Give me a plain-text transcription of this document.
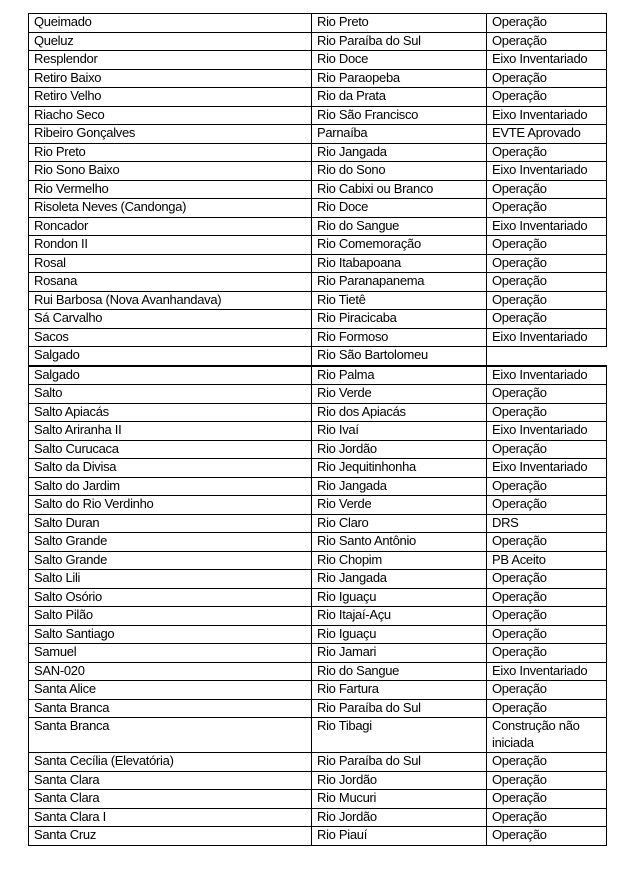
Queimado	Rio Preto	Operação
Queluz	Rio Paraíba do Sul	Operação
Resplendor	Rio Doce	Eixo Inventariado
Retiro Baixo	Rio Paraopeba	Operação
Retiro Velho	Rio da Prata	Operação
Riacho Seco	Rio São Francisco	Eixo Inventariado
Ribeiro Gonçalves	Parnaíba	EVTE Aprovado
Rio Preto	Rio Jangada	Operação
Rio Sono Baixo	Rio do Sono	Eixo Inventariado
Rio Vermelho	Rio Cabixi ou Branco	Operação
Risoleta Neves (Candonga)	Rio Doce	Operação
Roncador	Rio do Sangue	Eixo Inventariado
Rondon II	Rio Comemoração	Operação
Rosal	Rio Itabapoana	Operação
Rosana	Rio Paranapanema	Operação
Rui Barbosa (Nova Avanhandava)	Rio Tietê	Operação
Sá Carvalho	Rio Piracicaba	Operação
Sacos	Rio Formoso	Eixo Inventariado
Salgado	Rio São Bartolomeu	
Salgado	Rio Palma	Eixo Inventariado
Salto	Rio Verde	Operação
Salto Apiacás	Rio dos Apiacás	Operação
Salto Ariranha II	Rio Ivaí	Eixo Inventariado
Salto Curucaca	Rio Jordão	Operação
Salto da Divisa	Rio Jequitinhonha	Eixo Inventariado
Salto do Jardim	Rio Jangada	Operação
Salto do Rio Verdinho	Rio Verde	Operação
Salto Duran	Rio Claro	DRS
Salto Grande	Rio Santo Antônio	Operação
Salto Grande	Rio Chopim	PB Aceito
Salto Lili	Rio Jangada	Operação
Salto Osório	Rio Iguaçu	Operação
Salto Pilão	Rio Itajaí-Açu	Operação
Salto Santiago	Rio Iguaçu	Operação
Samuel	Rio Jamari	Operação
SAN-020	Rio do Sangue	Eixo Inventariado
Santa Alice	Rio Fartura	Operação
Santa Branca	Rio Paraíba do Sul	Operação
Santa Branca	Rio Tibagi	Construção não iniciada
Santa Cecília (Elevatória)	Rio Paraíba do Sul	Operação
Santa Clara	Rio Jordão	Operação
Santa Clara	Rio Mucuri	Operação
Santa Clara I	Rio Jordão	Operação
Santa Cruz	Rio Piauí	Operação
